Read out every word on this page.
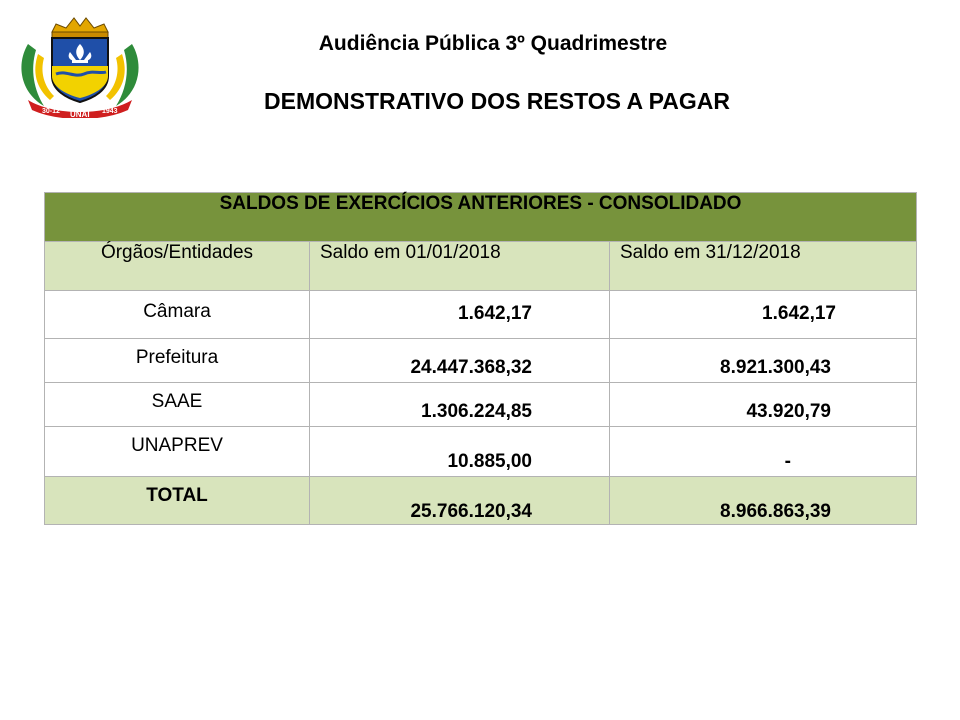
30-12 UNAÍ 1943
Audiência Pública 3º Quadrimestre
DEMONSTRATIVO DOS RESTOS A PAGAR
SALDOS DE EXERCÍCIOS ANTERIORES - CONSOLIDADO		
Órgãos/Entidades	Saldo em 01/01/2018	Saldo em 31/12/2018

Câmara	1.642,17	1.642,17

Prefeitura	24.447.368,32	8.921.300,43

SAAE	1.306.224,85	43.920,79

UNAPREV	10.885,00	-

TOTAL	25.766.120,34	8.966.863,39
